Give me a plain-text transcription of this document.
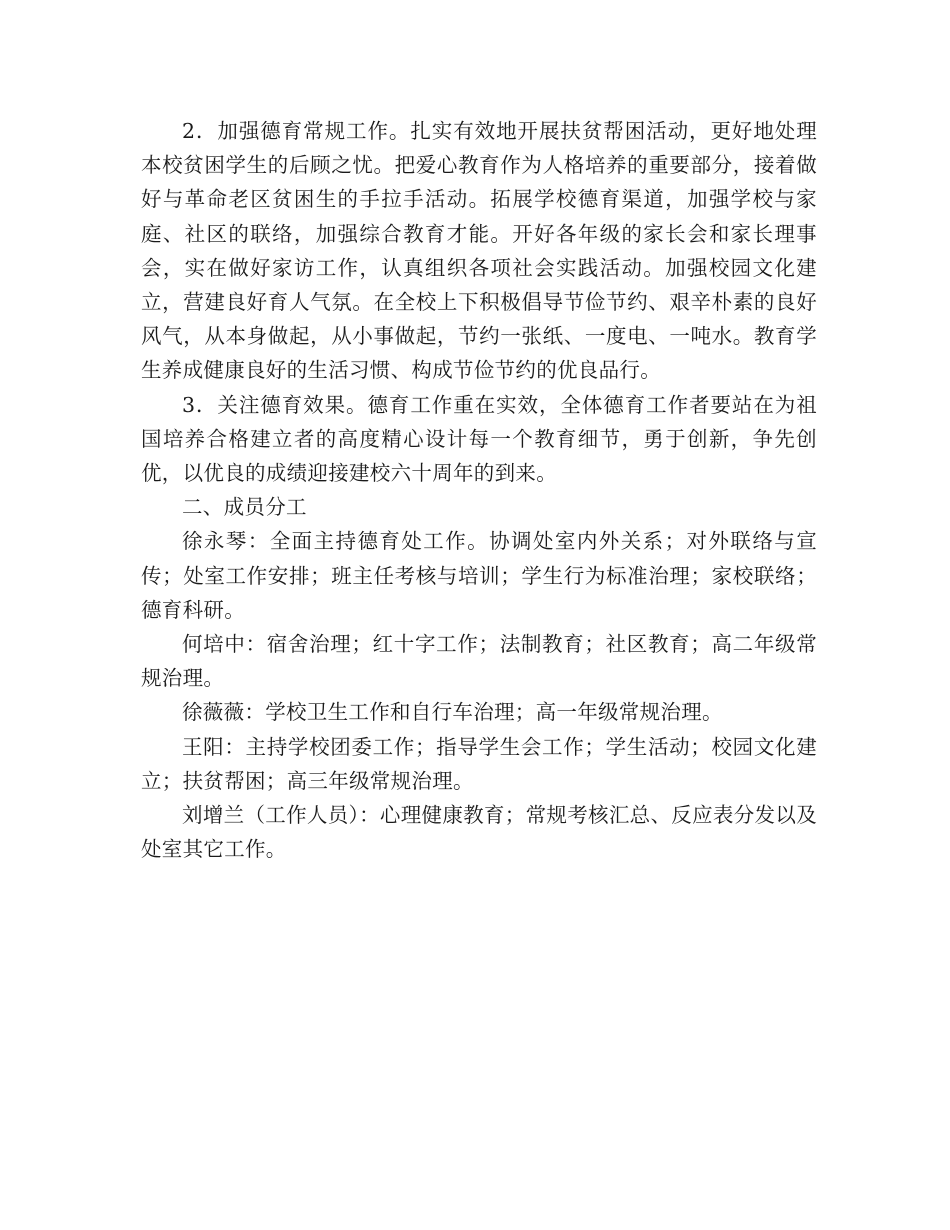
2．加强德育常规工作。扎实有效地开展扶贫帮困活动，更好地处理本校贫困学生的后顾之忧。把爱心教育作为人格培养的重要部分，接着做好与革命老区贫困生的手拉手活动。拓展学校德育渠道，加强学校与家庭、社区的联络，加强综合教育才能。开好各年级的家长会和家长理事会，实在做好家访工作，认真组织各项社会实践活动。加强校园文化建立，营建良好育人气氛。在全校上下积极倡导节俭节约、艰辛朴素的良好风气，从本身做起，从小事做起，节约一张纸、一度电、一吨水。教育学生养成健康良好的生活习惯、构成节俭节约的优良品行。

3．关注德育效果。德育工作重在实效，全体德育工作者要站在为祖国培养合格建立者的高度精心设计每一个教育细节，勇于创新，争先创优，以优良的成绩迎接建校六十周年的到来。

二、成员分工

徐永琴：全面主持德育处工作。协调处室内外关系；对外联络与宣传；处室工作安排；班主任考核与培训；学生行为标准治理；家校联络；德育科研。

何培中：宿舍治理；红十字工作；法制教育；社区教育；高二年级常规治理。

徐薇薇：学校卫生工作和自行车治理；高一年级常规治理。

王阳：主持学校团委工作；指导学生会工作；学生活动；校园文化建立；扶贫帮困；高三年级常规治理。

刘增兰（工作人员）：心理健康教育；常规考核汇总、反应表分发以及处室其它工作。
